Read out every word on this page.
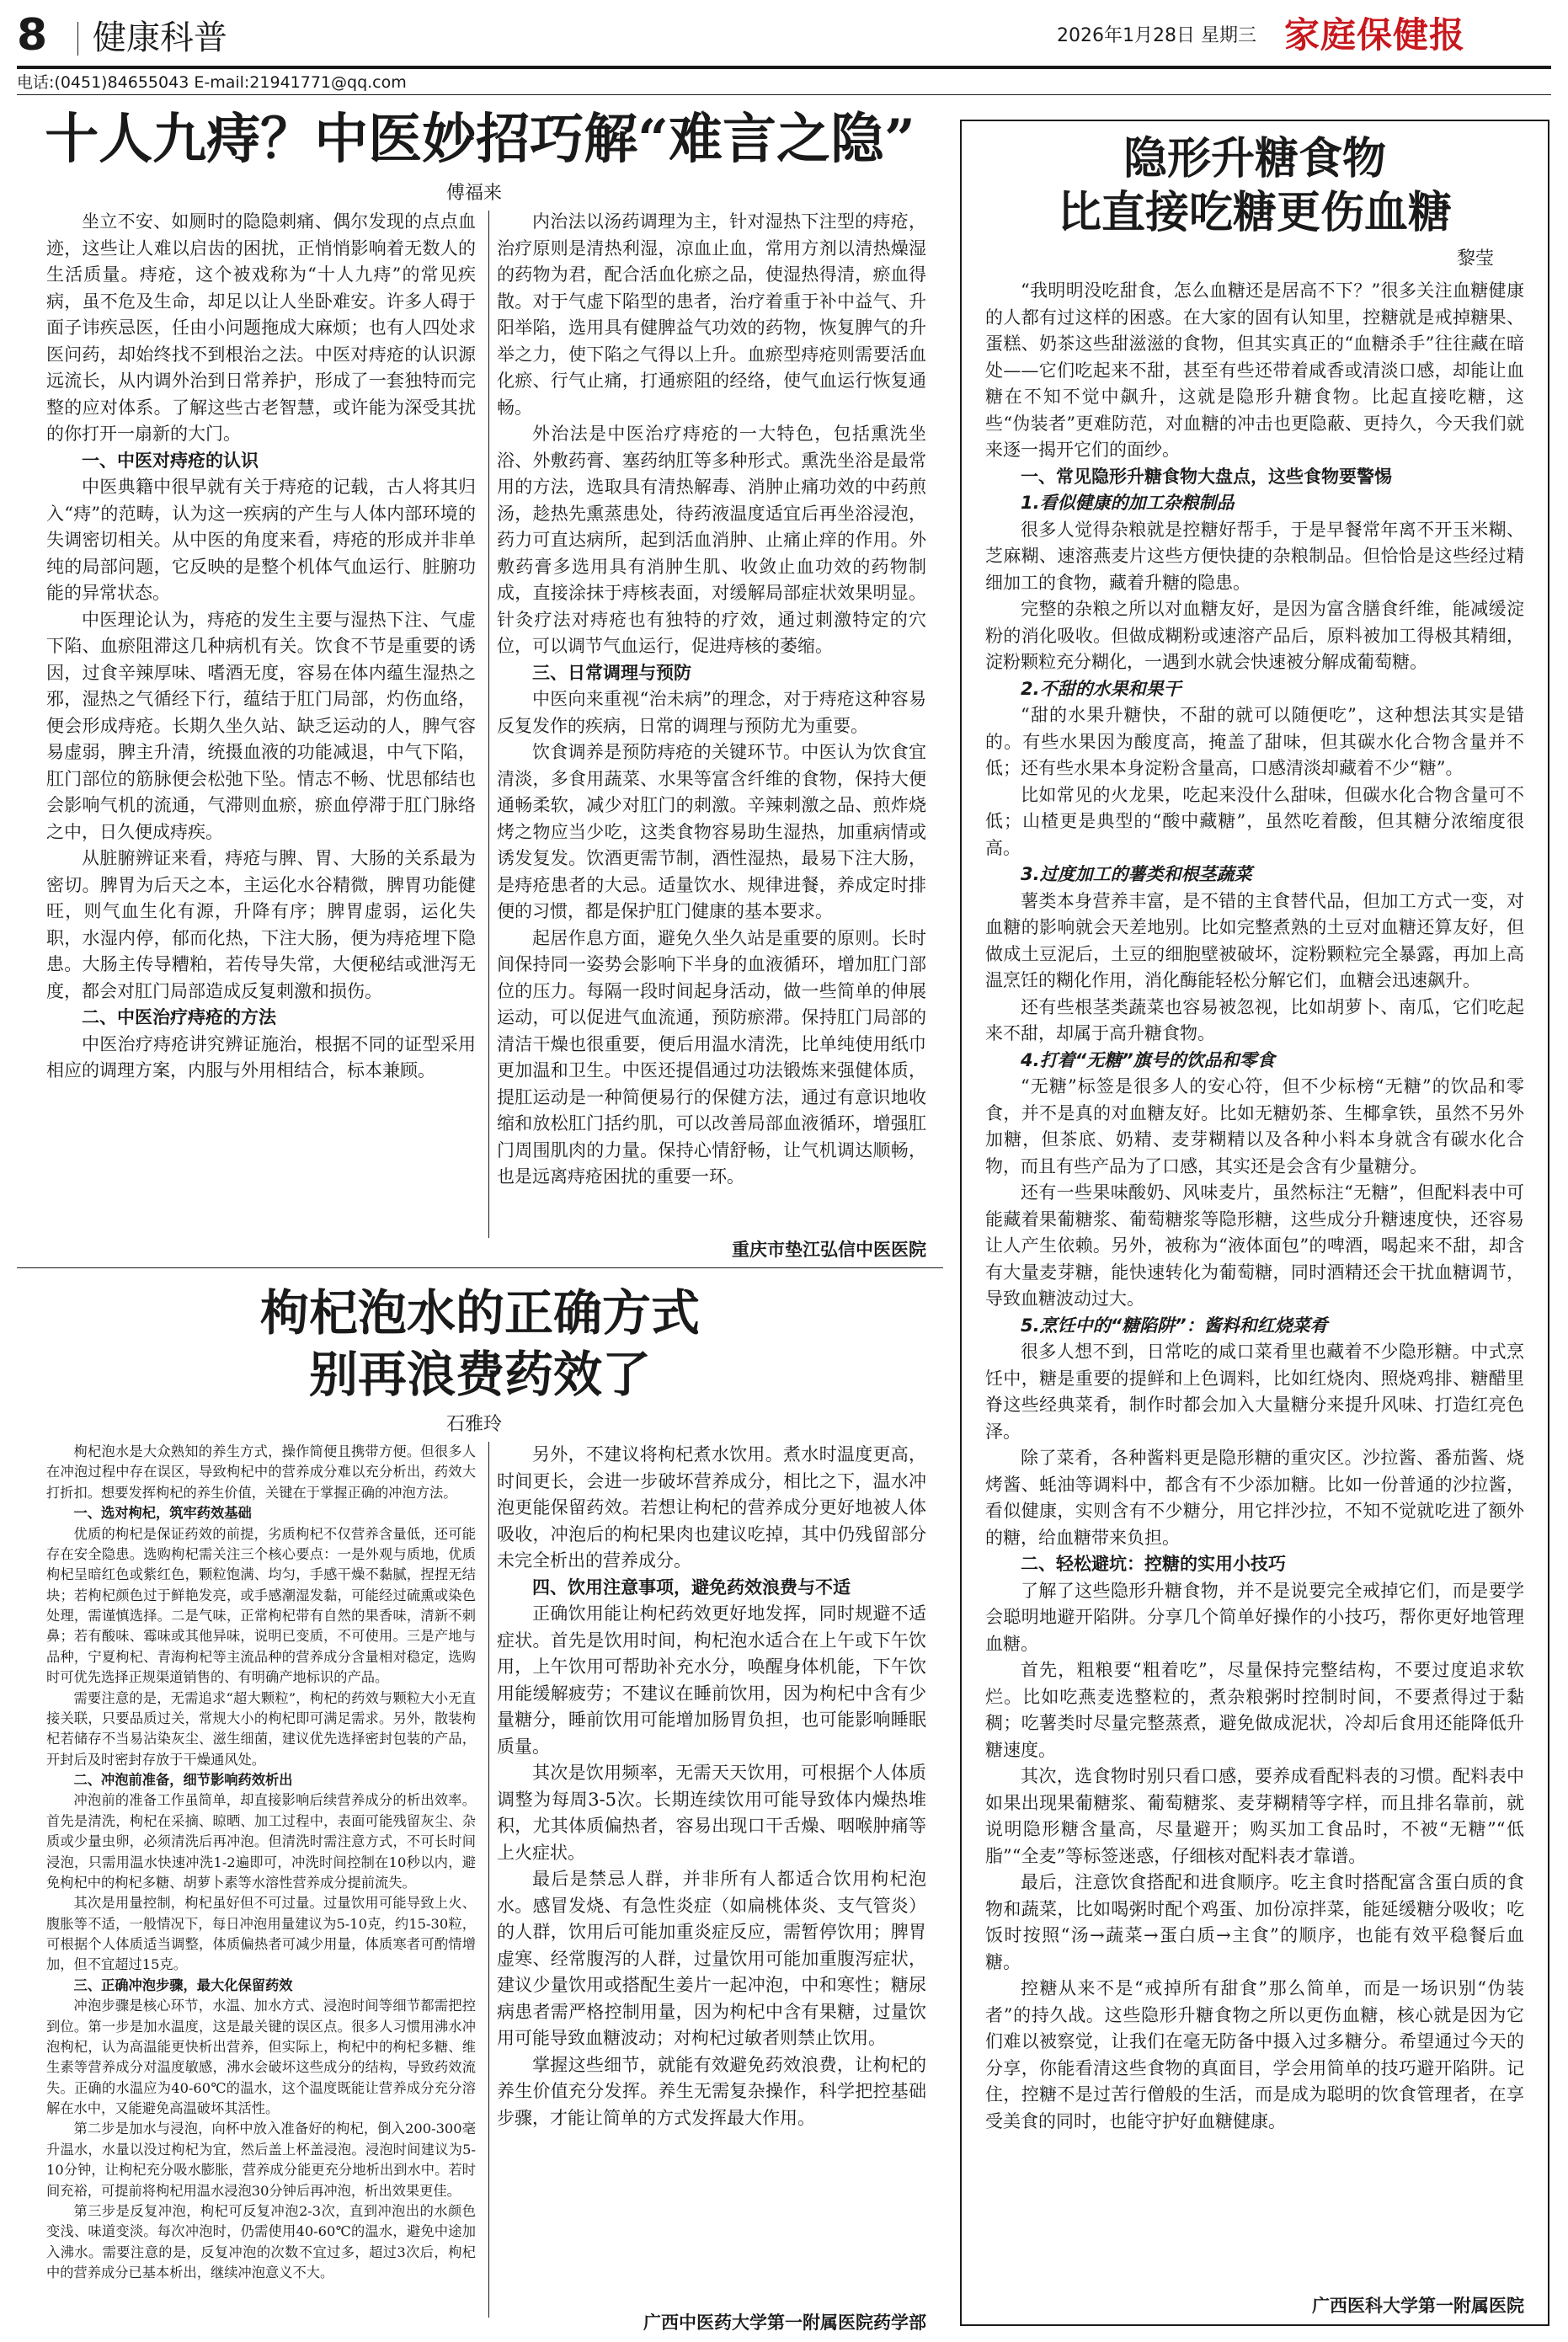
8 健康科普	2026年1月28日 星期三 家庭保健报
电话:(0451)84655043 E-mail:21941771@qq.com
十人九痔？中医妙招巧解“难言之隐”
傅福来

坐立不安、如厕时的隐隐刺痛、偶尔发现的点点血迹，这些让人难以启齿的困扰，正悄悄影响着无数人的生活质量。痔疮，这个被戏称为“十人九痔”的常见疾病，虽不危及生命，却足以让人坐卧难安。许多人碍于面子讳疾忌医，任由小问题拖成大麻烦；也有人四处求医问药，却始终找不到根治之法。中医对痔疮的认识源远流长，从内调外治到日常养护，形成了一套独特而完整的应对体系。了解这些古老智慧，或许能为深受其扰的你打开一扇新的大门。

一、中医对痔疮的认识

中医典籍中很早就有关于痔疮的记载，古人将其归入“痔”的范畴，认为这一疾病的产生与人体内部环境的失调密切相关。从中医的角度来看，痔疮的形成并非单纯的局部问题，它反映的是整个机体气血运行、脏腑功能的异常状态。

中医理论认为，痔疮的发生主要与湿热下注、气虚下陷、血瘀阻滞这几种病机有关。饮食不节是重要的诱因，过食辛辣厚味、嗜酒无度，容易在体内蕴生湿热之邪，湿热之气循经下行，蕴结于肛门局部，灼伤血络，便会形成痔疮。长期久坐久站、缺乏运动的人，脾气容易虚弱，脾主升清，统摄血液的功能减退，中气下陷，肛门部位的筋脉便会松弛下坠。情志不畅、忧思郁结也会影响气机的流通，气滞则血瘀，瘀血停滞于肛门脉络之中，日久便成痔疾。

从脏腑辨证来看，痔疮与脾、胃、大肠的关系最为密切。脾胃为后天之本，主运化水谷精微，脾胃功能健旺，则气血生化有源，升降有序；脾胃虚弱，运化失职，水湿内停，郁而化热，下注大肠，便为痔疮埋下隐患。大肠主传导糟粕，若传导失常，大便秘结或泄泻无度，都会对肛门局部造成反复刺激和损伤。

二、中医治疗痔疮的方法

中医治疗痔疮讲究辨证施治，根据不同的证型采用相应的调理方案，内服与外用相结合，标本兼顾。

内治法以汤药调理为主，针对湿热下注型的痔疮，治疗原则是清热利湿，凉血止血，常用方剂以清热燥湿的药物为君，配合活血化瘀之品，使湿热得清，瘀血得散。对于气虚下陷型的患者，治疗着重于补中益气、升阳举陷，选用具有健脾益气功效的药物，恢复脾气的升举之力，使下陷之气得以上升。血瘀型痔疮则需要活血化瘀、行气止痛，打通瘀阻的经络，使气血运行恢复通畅。

外治法是中医治疗痔疮的一大特色，包括熏洗坐浴、外敷药膏、塞药纳肛等多种形式。熏洗坐浴是最常用的方法，选取具有清热解毒、消肿止痛功效的中药煎汤，趁热先熏蒸患处，待药液温度适宜后再坐浴浸泡，药力可直达病所，起到活血消肿、止痛止痒的作用。外敷药膏多选用具有消肿生肌、收敛止血功效的药物制成，直接涂抹于痔核表面，对缓解局部症状效果明显。针灸疗法对痔疮也有独特的疗效，通过刺激特定的穴位，可以调节气血运行，促进痔核的萎缩。

三、日常调理与预防

中医向来重视“治未病”的理念，对于痔疮这种容易反复发作的疾病，日常的调理与预防尤为重要。

饮食调养是预防痔疮的关键环节。中医认为饮食宜清淡，多食用蔬菜、水果等富含纤维的食物，保持大便通畅柔软，减少对肛门的刺激。辛辣刺激之品、煎炸烧烤之物应当少吃，这类食物容易助生湿热，加重病情或诱发复发。饮酒更需节制，酒性湿热，最易下注大肠，是痔疮患者的大忌。适量饮水、规律进餐，养成定时排便的习惯，都是保护肛门健康的基本要求。

起居作息方面，避免久坐久站是重要的原则。长时间保持同一姿势会影响下半身的血液循环，增加肛门部位的压力。每隔一段时间起身活动，做一些简单的伸展运动，可以促进气血流通，预防瘀滞。保持肛门局部的清洁干燥也很重要，便后用温水清洗，比单纯使用纸巾更加温和卫生。中医还提倡通过功法锻炼来强健体质，提肛运动是一种简便易行的保健方法，通过有意识地收缩和放松肛门括约肌，可以改善局部血液循环，增强肛门周围肌肉的力量。保持心情舒畅，让气机调达顺畅，也是远离痔疮困扰的重要一环。

重庆市垫江弘信中医医院
枸杞泡水的正确方式
别再浪费药效了
石雅玲

枸杞泡水是大众熟知的养生方式，操作简便且携带方便。但很多人在冲泡过程中存在误区，导致枸杞中的营养成分难以充分析出，药效大打折扣。想要发挥枸杞的养生价值，关键在于掌握正确的冲泡方法。

一、选对枸杞，筑牢药效基础

优质的枸杞是保证药效的前提，劣质枸杞不仅营养含量低，还可能存在安全隐患。选购枸杞需关注三个核心要点：一是外观与质地，优质枸杞呈暗红色或紫红色，颗粒饱满、均匀，手感干燥不黏腻，捏捏无结块；若枸杞颜色过于鲜艳发亮，或手感潮湿发黏，可能经过硫熏或染色处理，需谨慎选择。二是气味，正常枸杞带有自然的果香味，清新不刺鼻；若有酸味、霉味或其他异味，说明已变质，不可使用。三是产地与品种，宁夏枸杞、青海枸杞等主流品种的营养成分含量相对稳定，选购时可优先选择正规渠道销售的、有明确产地标识的产品。

需要注意的是，无需追求“超大颗粒”，枸杞的药效与颗粒大小无直接关联，只要品质过关，常规大小的枸杞即可满足需求。另外，散装枸杞若储存不当易沾染灰尘、滋生细菌，建议优先选择密封包装的产品，开封后及时密封存放于干燥通风处。

二、冲泡前准备，细节影响药效析出

冲泡前的准备工作虽简单，却直接影响后续营养成分的析出效率。首先是清洗，枸杞在采摘、晾晒、加工过程中，表面可能残留灰尘、杂质或少量虫卵，必须清洗后再冲泡。但清洗时需注意方式，不可长时间浸泡，只需用温水快速冲洗1-2遍即可，冲洗时间控制在10秒以内，避免枸杞中的枸杞多糖、胡萝卜素等水溶性营养成分提前流失。

其次是用量控制，枸杞虽好但不可过量。过量饮用可能导致上火、腹胀等不适，一般情况下，每日冲泡用量建议为5-10克，约15-30粒，可根据个人体质适当调整，体质偏热者可减少用量，体质寒者可酌情增加，但不宜超过15克。

三、正确冲泡步骤，最大化保留药效

冲泡步骤是核心环节，水温、加水方式、浸泡时间等细节都需把控到位。第一步是加水温度，这是最关键的误区点。很多人习惯用沸水冲泡枸杞，认为高温能更快析出营养，但实际上，枸杞中的枸杞多糖、维生素等营养成分对温度敏感，沸水会破坏这些成分的结构，导致药效流失。正确的水温应为40-60℃的温水，这个温度既能让营养成分充分溶解在水中，又能避免高温破坏其活性。

第二步是加水与浸泡，向杯中放入准备好的枸杞，倒入200-300毫升温水，水量以没过枸杞为宜，然后盖上杯盖浸泡。浸泡时间建议为5-10分钟，让枸杞充分吸水膨胀，营养成分能更充分地析出到水中。若时间充裕，可提前将枸杞用温水浸泡30分钟后再冲泡，析出效果更佳。

第三步是反复冲泡，枸杞可反复冲泡2-3次，直到冲泡出的水颜色变浅、味道变淡。每次冲泡时，仍需使用40-60℃的温水，避免中途加入沸水。需要注意的是，反复冲泡的次数不宜过多，超过3次后，枸杞中的营养成分已基本析出，继续冲泡意义不大。

另外，不建议将枸杞煮水饮用。煮水时温度更高，时间更长，会进一步破坏营养成分，相比之下，温水冲泡更能保留药效。若想让枸杞的营养成分更好地被人体吸收，冲泡后的枸杞果肉也建议吃掉，其中仍残留部分未完全析出的营养成分。

四、饮用注意事项，避免药效浪费与不适

正确饮用能让枸杞药效更好地发挥，同时规避不适症状。首先是饮用时间，枸杞泡水适合在上午或下午饮用，上午饮用可帮助补充水分，唤醒身体机能，下午饮用能缓解疲劳；不建议在睡前饮用，因为枸杞中含有少量糖分，睡前饮用可能增加肠胃负担，也可能影响睡眠质量。

其次是饮用频率，无需天天饮用，可根据个人体质调整为每周3-5次。长期连续饮用可能导致体内燥热堆积，尤其体质偏热者，容易出现口干舌燥、咽喉肿痛等上火症状。

最后是禁忌人群，并非所有人都适合饮用枸杞泡水。感冒发烧、有急性炎症（如扁桃体炎、支气管炎）的人群，饮用后可能加重炎症反应，需暂停饮用；脾胃虚寒、经常腹泻的人群，过量饮用可能加重腹泻症状，建议少量饮用或搭配生姜片一起冲泡，中和寒性；糖尿病患者需严格控制用量，因为枸杞中含有果糖，过量饮用可能导致血糖波动；对枸杞过敏者则禁止饮用。

掌握这些细节，就能有效避免药效浪费，让枸杞的养生价值充分发挥。养生无需复杂操作，科学把控基础步骤，才能让简单的方式发挥最大作用。

广西中医药大学第一附属医院药学部
隐形升糖食物
比直接吃糖更伤血糖
黎莹

“我明明没吃甜食，怎么血糖还是居高不下？”很多关注血糖健康的人都有过这样的困惑。在大家的固有认知里，控糖就是戒掉糖果、蛋糕、奶茶这些甜滋滋的食物，但其实真正的“血糖杀手”往往藏在暗处——它们吃起来不甜，甚至有些还带着咸香或清淡口感，却能让血糖在不知不觉中飙升，这就是隐形升糖食物。比起直接吃糖，这些“伪装者”更难防范，对血糖的冲击也更隐蔽、更持久，今天我们就来逐一揭开它们的面纱。

一、常见隐形升糖食物大盘点，这些食物要警惕

1.看似健康的加工杂粮制品

很多人觉得杂粮就是控糖好帮手，于是早餐常年离不开玉米糊、芝麻糊、速溶燕麦片这些方便快捷的杂粮制品。但恰恰是这些经过精细加工的食物，藏着升糖的隐患。

完整的杂粮之所以对血糖友好，是因为富含膳食纤维，能减缓淀粉的消化吸收。但做成糊粉或速溶产品后，原料被加工得极其精细，淀粉颗粒充分糊化，一遇到水就会快速被分解成葡萄糖。

2.不甜的水果和果干

“甜的水果升糖快，不甜的就可以随便吃”，这种想法其实是错的。有些水果因为酸度高，掩盖了甜味，但其碳水化合物含量并不低；还有些水果本身淀粉含量高，口感清淡却藏着不少“糖”。

比如常见的火龙果，吃起来没什么甜味，但碳水化合物含量可不低；山楂更是典型的“酸中藏糖”，虽然吃着酸，但其糖分浓缩度很高。

3.过度加工的薯类和根茎蔬菜

薯类本身营养丰富，是不错的主食替代品，但加工方式一变，对血糖的影响就会天差地别。比如完整煮熟的土豆对血糖还算友好，但做成土豆泥后，土豆的细胞壁被破坏，淀粉颗粒完全暴露，再加上高温烹饪的糊化作用，消化酶能轻松分解它们，血糖会迅速飙升。

还有些根茎类蔬菜也容易被忽视，比如胡萝卜、南瓜，它们吃起来不甜，却属于高升糖食物。

4.打着“无糖”旗号的饮品和零食

“无糖”标签是很多人的安心符，但不少标榜“无糖”的饮品和零食，并不是真的对血糖友好。比如无糖奶茶、生椰拿铁，虽然不另外加糖，但茶底、奶精、麦芽糊精以及各种小料本身就含有碳水化合物，而且有些产品为了口感，其实还是会含有少量糖分。

还有一些果味酸奶、风味麦片，虽然标注“无糖”，但配料表中可能藏着果葡糖浆、葡萄糖浆等隐形糖，这些成分升糖速度快，还容易让人产生依赖。另外，被称为“液体面包”的啤酒，喝起来不甜，却含有大量麦芽糖，能快速转化为葡萄糖，同时酒精还会干扰血糖调节，导致血糖波动过大。

5.烹饪中的“糖陷阱”：酱料和红烧菜肴

很多人想不到，日常吃的咸口菜肴里也藏着不少隐形糖。中式烹饪中，糖是重要的提鲜和上色调料，比如红烧肉、照烧鸡排、糖醋里脊这些经典菜肴，制作时都会加入大量糖分来提升风味、打造红亮色泽。

除了菜肴，各种酱料更是隐形糖的重灾区。沙拉酱、番茄酱、烧烤酱、蚝油等调料中，都含有不少添加糖。比如一份普通的沙拉酱，看似健康，实则含有不少糖分，用它拌沙拉，不知不觉就吃进了额外的糖，给血糖带来负担。

二、轻松避坑：控糖的实用小技巧

了解了这些隐形升糖食物，并不是说要完全戒掉它们，而是要学会聪明地避开陷阱。分享几个简单好操作的小技巧，帮你更好地管理血糖。

首先，粗粮要“粗着吃”，尽量保持完整结构，不要过度追求软烂。比如吃燕麦选整粒的，煮杂粮粥时控制时间，不要煮得过于黏稠；吃薯类时尽量完整蒸煮，避免做成泥状，冷却后食用还能降低升糖速度。

其次，选食物时别只看口感，要养成看配料表的习惯。配料表中如果出现果葡糖浆、葡萄糖浆、麦芽糊精等字样，而且排名靠前，就说明隐形糖含量高，尽量避开；购买加工食品时，不被“无糖”“低脂”“全麦”等标签迷惑，仔细核对配料表才靠谱。

最后，注意饮食搭配和进食顺序。吃主食时搭配富含蛋白质的食物和蔬菜，比如喝粥时配个鸡蛋、加份凉拌菜，能延缓糖分吸收；吃饭时按照“汤→蔬菜→蛋白质→主食”的顺序，也能有效平稳餐后血糖。

控糖从来不是“戒掉所有甜食”那么简单，而是一场识别“伪装者”的持久战。这些隐形升糖食物之所以更伤血糖，核心就是因为它们难以被察觉，让我们在毫无防备中摄入过多糖分。希望通过今天的分享，你能看清这些食物的真面目，学会用简单的技巧避开陷阱。记住，控糖不是过苦行僧般的生活，而是成为聪明的饮食管理者，在享受美食的同时，也能守护好血糖健康。

广西医科大学第一附属医院
